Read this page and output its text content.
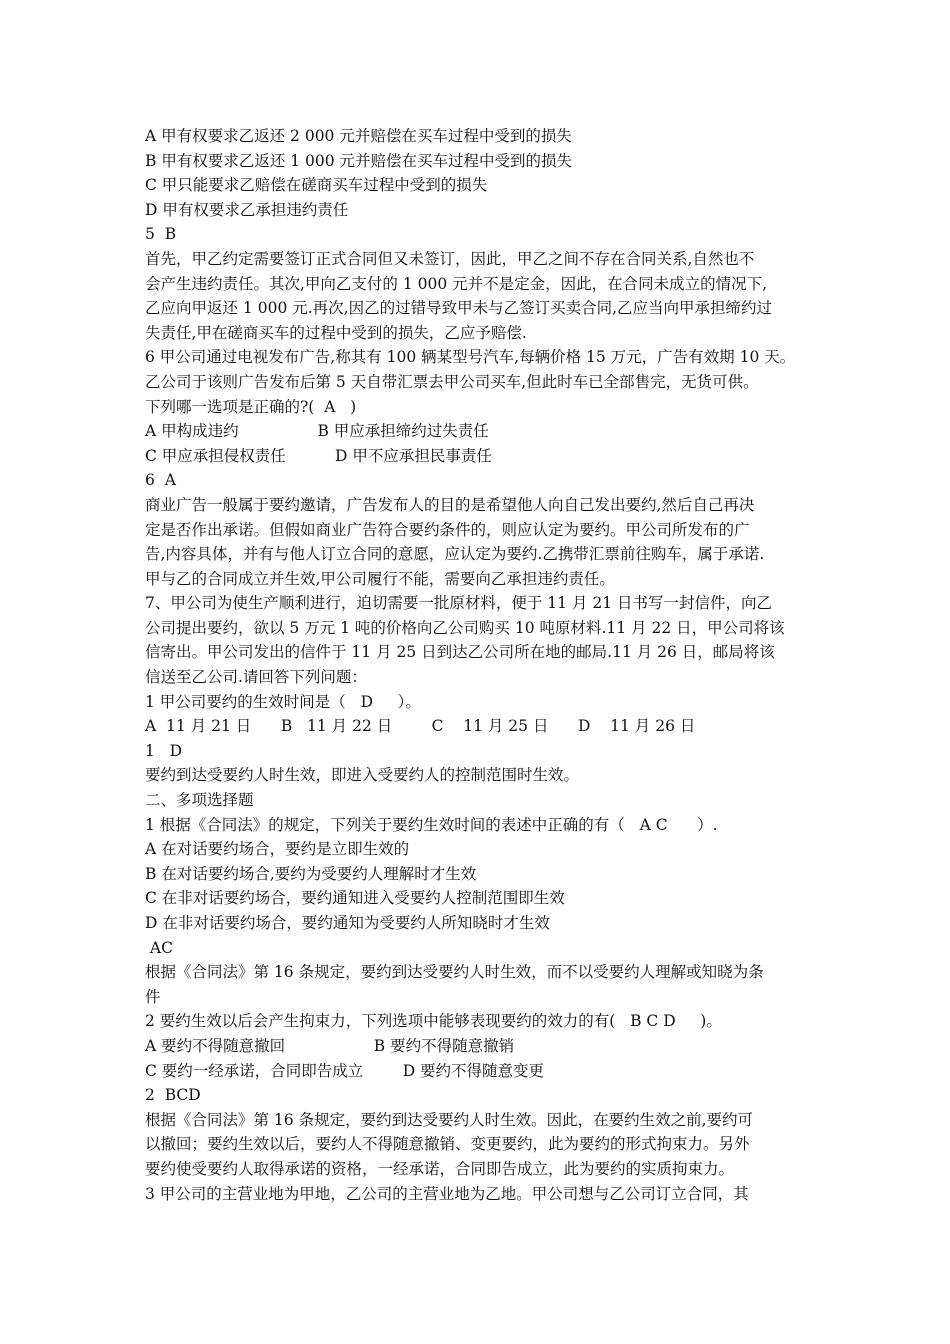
A 甲有权要求乙返还 2 000 元并赔偿在买车过程中受到的损失
B 甲有权要求乙返还 1 000 元并赔偿在买车过程中受到的损失
C 甲只能要求乙赔偿在磋商买车过程中受到的损失
D 甲有权要求乙承担违约责任
5  B
首先，甲乙约定需要签订正式合同但又未签订，因此，甲乙之间不存在合同关系,自然也不
会产生违约责任。其次,甲向乙支付的 1 000 元并不是定金，因此，在合同未成立的情况下,
乙应向甲返还 1 000 元.再次,因乙的过错导致甲未与乙签订买卖合同,乙应当向甲承担缔约过
失责任,甲在磋商买车的过程中受到的损失，乙应予赔偿.
6 甲公司通过电视发布广告,称其有 100 辆某型号汽车,每辆价格 15 万元，广告有效期 10 天。
乙公司于该则广告发布后第 5 天自带汇票去甲公司买车,但此时车已全部售完，无货可供。
下列哪一选项是正确的?(  A   )
A 甲构成违约                B 甲应承担缔约过失责任
C 甲应承担侵权责任          D 甲不应承担民事责任
6  A
商业广告一般属于要约邀请，广告发布人的目的是希望他人向自己发出要约,然后自己再决
定是否作出承诺。但假如商业广告符合要约条件的，则应认定为要约。甲公司所发布的广
告,内容具体，并有与他人订立合同的意愿，应认定为要约.乙携带汇票前往购车，属于承诺.
甲与乙的合同成立并生效,甲公司履行不能，需要向乙承担违约责任。
7、甲公司为使生产顺利进行，迫切需要一批原材料，便于 11 月 21 日书写一封信件，向乙
公司提出要约，欲以 5 万元 1 吨的价格向乙公司购买 10 吨原材料.11 月 22 日，甲公司将该
信寄出。甲公司发出的信件于 11 月 25 日到达乙公司所在地的邮局.11 月 26 日，邮局将该
信送至乙公司.请回答下列问题：
1 甲公司要约的生效时间是（   D     ）。
A  11 月 21 日      B   11 月 22 日        C    11 月 25 日      D    11 月 26 日
1   D
要约到达受要约人时生效，即进入受要约人的控制范围时生效。
二、多项选择题
1 根据《合同法》的规定，下列关于要约生效时间的表述中正确的有（   A C      ）.
A 在对话要约场合，要约是立即生效的
B 在对话要约场合,要约为受要约人理解时才生效
C 在非对话要约场合，要约通知进入受要约人控制范围即生效
D 在非对话要约场合，要约通知为受要约人所知晓时才生效
AC
根据《合同法》第 16 条规定，要约到达受要约人时生效，而不以受要约人理解或知晓为条
件
2 要约生效以后会产生拘束力，下列选项中能够表现要约的效力的有(   B C D     )。
A 要约不得随意撤回                  B 要约不得随意撤销
C 要约一经承诺，合同即告成立        D 要约不得随意变更
2  BCD
根据《合同法》第 16 条规定，要约到达受要约人时生效。因此，在要约生效之前,要约可
以撤回；要约生效以后，要约人不得随意撤销、变更要约，此为要约的形式拘束力。另外
要约使受要约人取得承诺的资格，一经承诺，合同即告成立，此为要约的实质拘束力。
3 甲公司的主营业地为甲地，乙公司的主营业地为乙地。甲公司想与乙公司订立合同，其
